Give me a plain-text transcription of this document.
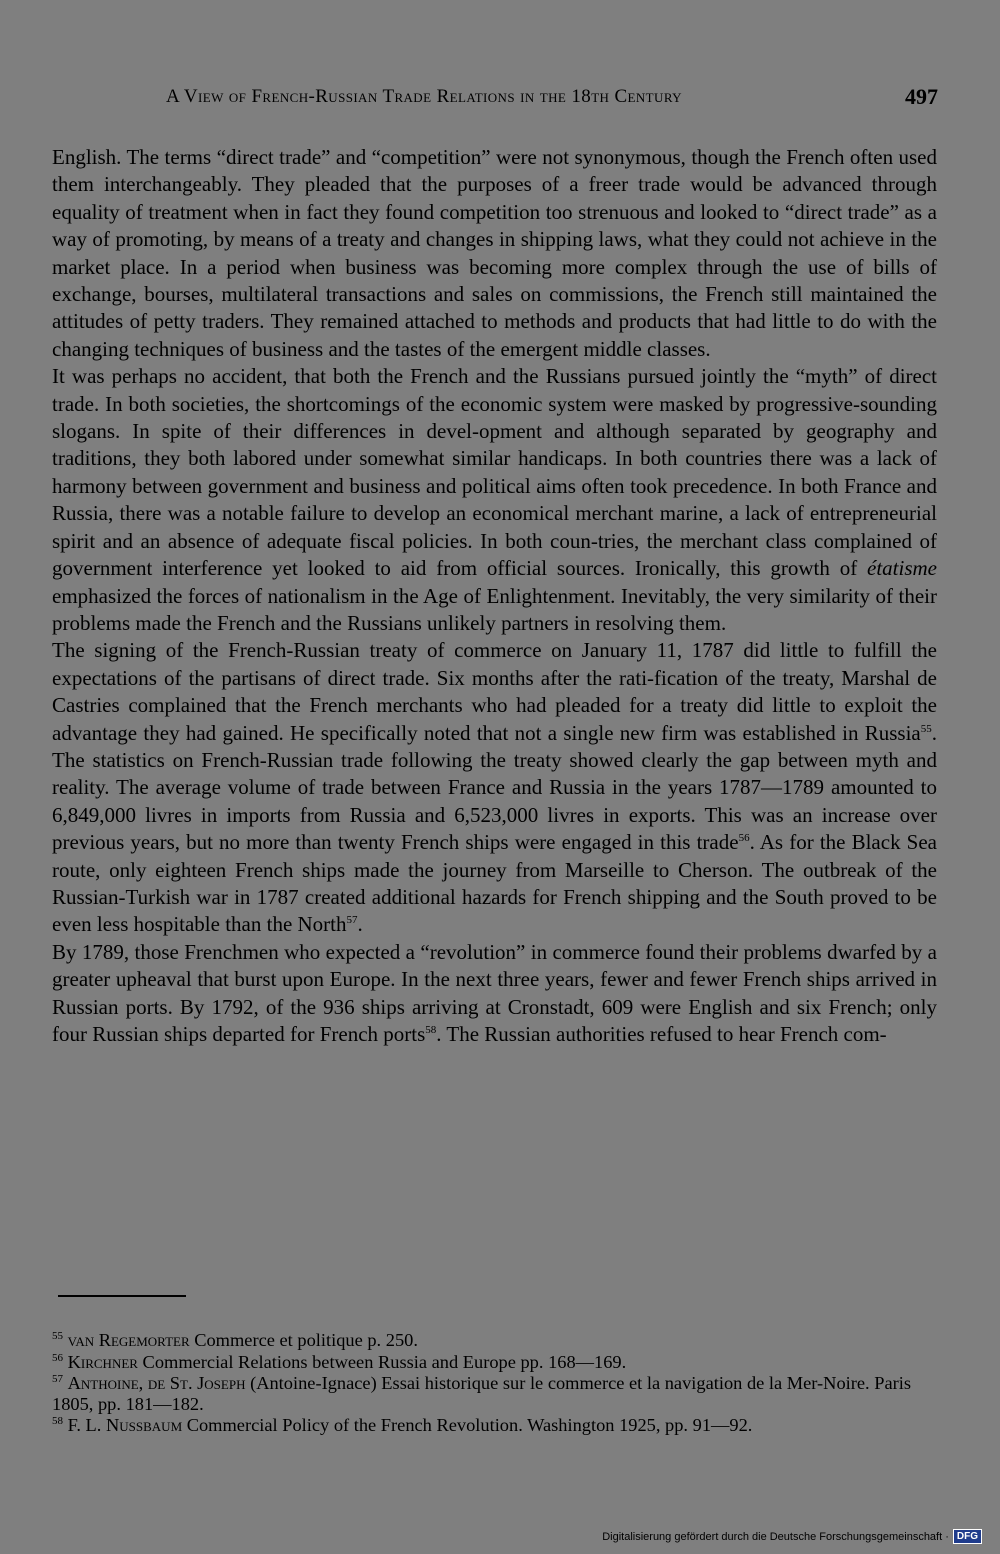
A View of French-Russian Trade Relations in the 18th Century	497

English. The terms “direct trade” and “competition” were not synonymous, though the French often used them interchangeably. They pleaded that the purposes of a freer trade would be advanced through equality of treatment when in fact they found competition too strenuous and looked to “direct trade” as a way of promoting, by means of a treaty and changes in shipping laws, what they could not achieve in the market place. In a period when business was becoming more complex through the use of bills of exchange, bourses, multilateral transactions and sales on commissions, the French still maintained the attitudes of petty traders. They remained attached to methods and products that had little to do with the changing techniques of business and the tastes of the emergent middle classes.

It was perhaps no accident, that both the French and the Russians pursued jointly the “myth” of direct trade. In both societies, the shortcomings of the economic system were masked by progressive-sounding slogans. In spite of their differences in devel-opment and although separated by geography and traditions, they both labored under somewhat similar handicaps. In both countries there was a lack of harmony between government and business and political aims often took precedence. In both France and Russia, there was a notable failure to develop an economical merchant marine, a lack of entrepreneurial spirit and an absence of adequate fiscal policies. In both coun-tries, the merchant class complained of government interference yet looked to aid from official sources. Ironically, this growth of étatisme emphasized the forces of nationalism in the Age of Enlightenment. Inevitably, the very similarity of their problems made the French and the Russians unlikely partners in resolving them.

The signing of the French-Russian treaty of commerce on January 11, 1787 did little to fulfill the expectations of the partisans of direct trade. Six months after the rati-fication of the treaty, Marshal de Castries complained that the French merchants who had pleaded for a treaty did little to exploit the advantage they had gained. He specifically noted that not a single new firm was established in Russia$^{55}$. The statistics on French-Russian trade following the treaty showed clearly the gap between myth and reality. The average volume of trade between France and Russia in the years 1787—1789 amounted to 6,849,000 livres in imports from Russia and 6,523,000 livres in exports. This was an increase over previous years, but no more than twenty French ships were engaged in this trade$^{56}$. As for the Black Sea route, only eighteen French ships made the journey from Marseille to Cherson. The outbreak of the Russian-Turkish war in 1787 created additional hazards for French shipping and the South proved to be even less hospitable than the North$^{57}$.

By 1789, those Frenchmen who expected a “revolution” in commerce found their problems dwarfed by a greater upheaval that burst upon Europe. In the next three years, fewer and fewer French ships arrived in Russian ports. By 1792, of the 936 ships arriving at Cronstadt, 609 were English and six French; only four Russian ships departed for French ports$^{58}$. The Russian authorities refused to hear French com-

$^{55}$ van Regemorter Commerce et politique p. 250.

$^{56}$ Kirchner Commercial Relations between Russia and Europe pp. 168—169.

$^{57}$ Anthoine, de St. Joseph (Antoine-Ignace) Essai historique sur le commerce et la navigation de la Mer-Noire. Paris 1805, pp. 181—182.

$^{58}$ F. L. Nussbaum Commercial Policy of the French Revolution. Washington 1925, pp. 91—92.

Digitalisierung gefördert durch die Deutsche Forschungsgemeinschaft · DFG
